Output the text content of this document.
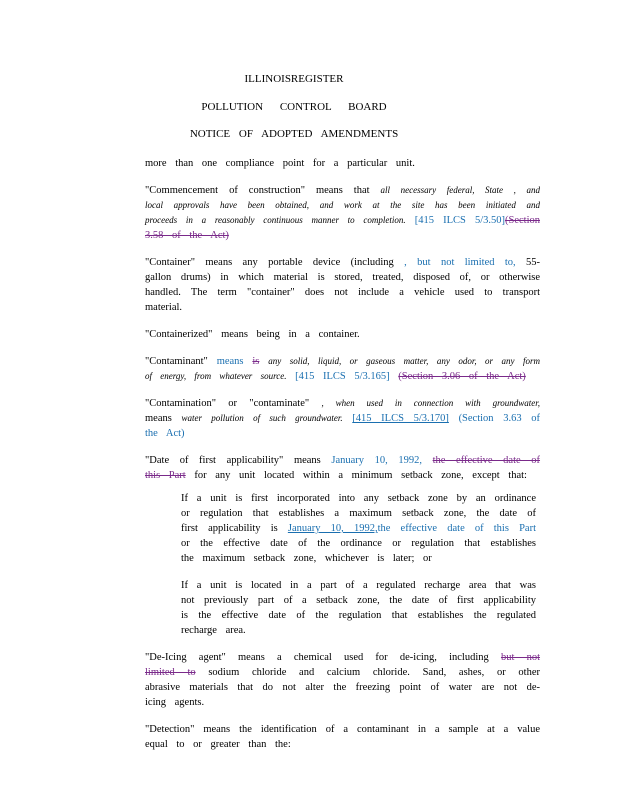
ILLINOISREGISTER
POLLUTION CONTROL BOARD
NOTICE OF ADOPTED AMENDMENTS

more than one compliance point for a particular unit.

"Commencement of construction" means that all necessary federal, State , and local approvals have been obtained, and work at the site has been initiated and proceeds in a reasonably continuous manner to completion. [415 ILCS 5/3.50](Section 3.58 of the Act)

"Container" means any portable device (including , but not limited to, 55-gallon drums) in which material is stored, treated, disposed of, or otherwise handled. The term "container" does not include a vehicle used to transport material.

"Containerized" means being in a container.

"Contaminant" means is any solid, liquid, or gaseous matter, any odor, or any form of energy, from whatever source. [415 ILCS 5/3.165] (Section 3.06 of the Act)

"Contamination" or "contaminate" , when used in connection with groundwater, means water pollution of such groundwater. [415 ILCS 5/3.170] (Section 3.63 of the Act)

"Date of first applicability" means January 10, 1992, the effective date of this Part for any unit located within a minimum setback zone, except that:

If a unit is first incorporated into any setback zone by an ordinance or regulation that establishes a maximum setback zone, the date of first applicability is January 10, 1992,the effective date of this Part or the effective date of the ordinance or regulation that establishes the maximum setback zone, whichever is later; or

If a unit is located in a part of a regulated recharge area that was not previously part of a setback zone, the date of first applicability is the effective date of the regulation that establishes the regulated recharge area.

"De-Icing agent" means a chemical used for de-icing, including but not limited to sodium chloride and calcium chloride. Sand, ashes, or other abrasive materials that do not alter the freezing point of water are not de-icing agents.

"Detection" means the identification of a contaminant in a sample at a value equal to or greater than the:
